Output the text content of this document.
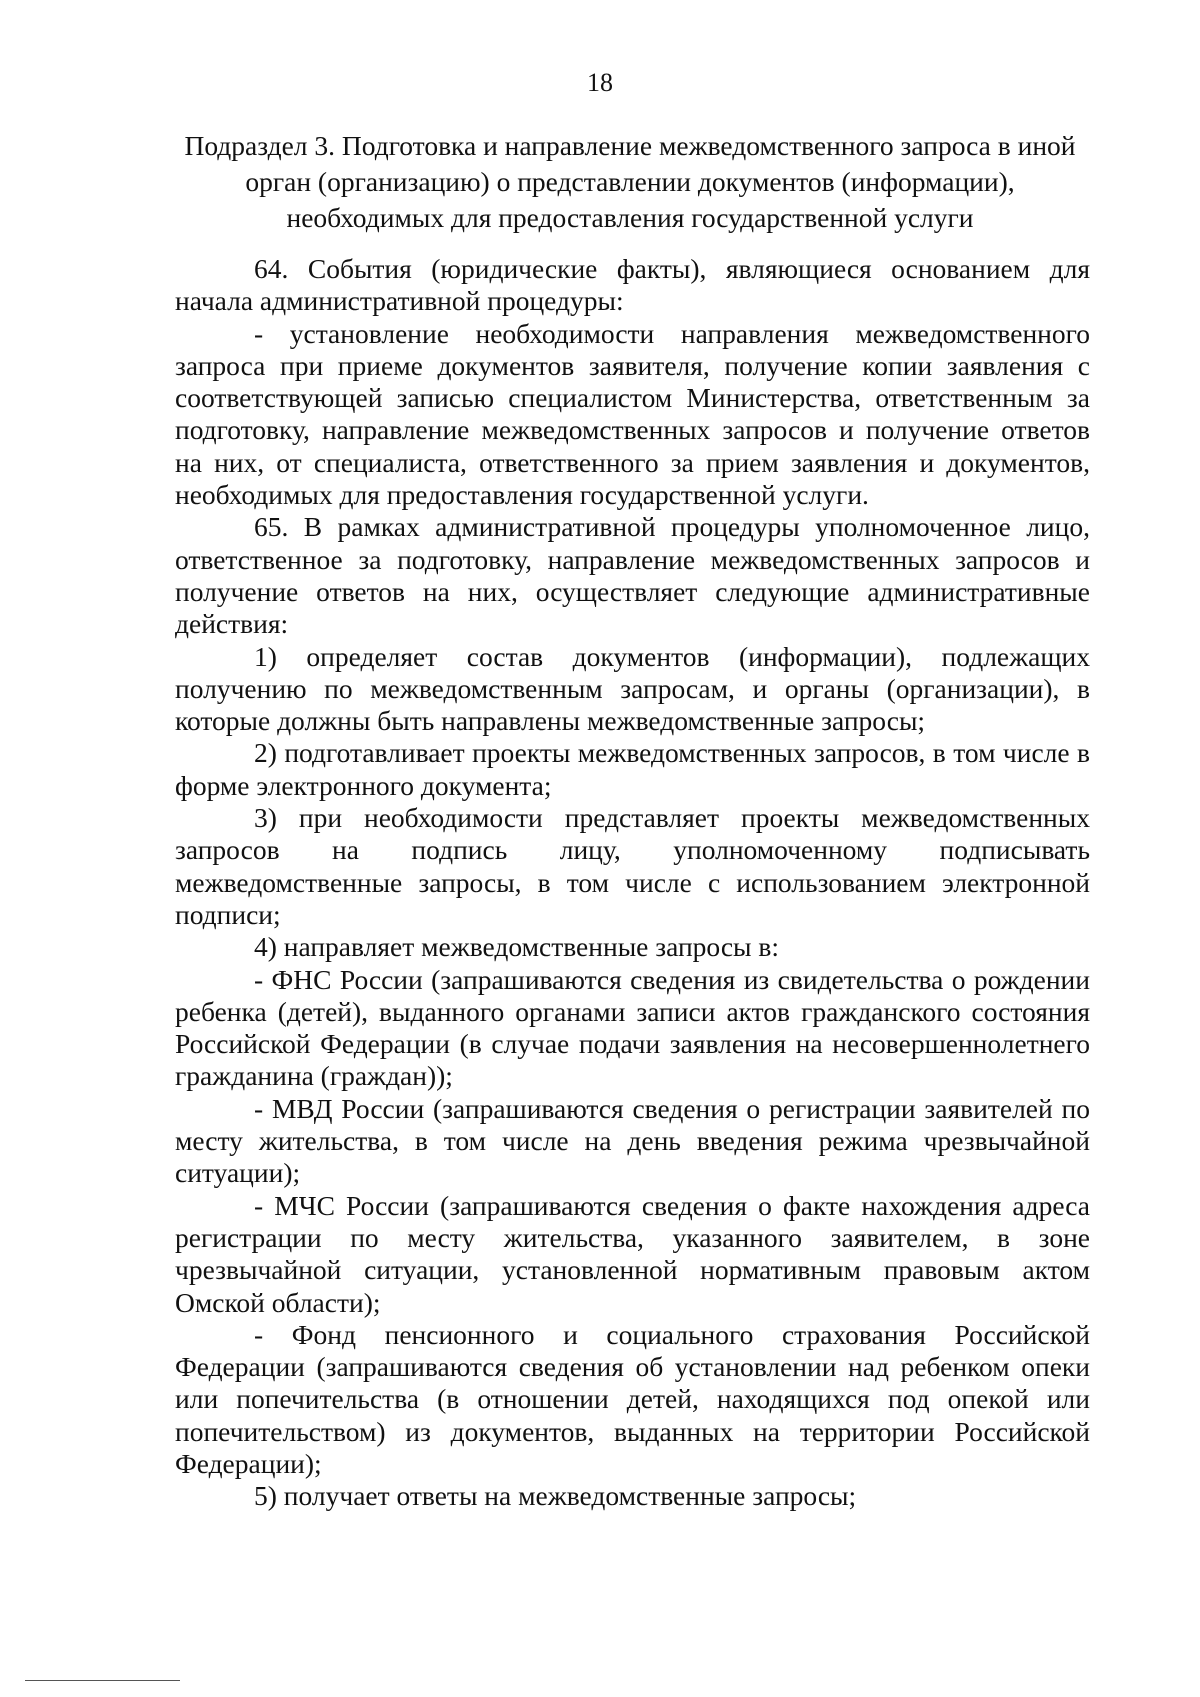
18
Подраздел 3. Подготовка и направление межведомственного запроса в иной орган (организацию) о представлении документов (информации), необходимых для предоставления государственной услуги

64. События (юридические факты), являющиеся основанием для начала административной процедуры:

- установление необходимости направления межведомственного запроса при приеме документов заявителя, получение копии заявления с соответствующей записью специалистом Министерства, ответственным за подготовку, направление межведомственных запросов и получение ответов на них, от специалиста, ответственного за прием заявления и документов, необходимых для предоставления государственной услуги.

65. В рамках административной процедуры уполномоченное лицо, ответственное за подготовку, направление межведомственных запросов и получение ответов на них, осуществляет следующие административные действия:

1) определяет состав документов (информации), подлежащих получению по межведомственным запросам, и органы (организации), в которые должны быть направлены межведомственные запросы;

2) подготавливает проекты межведомственных запросов, в том числе в форме электронного документа;

3) при необходимости представляет проекты межведомственных запросов на подпись лицу, уполномоченному подписывать межведомственные запросы, в том числе с использованием электронной подписи;

4) направляет межведомственные запросы в:

- ФНС России (запрашиваются сведения из свидетельства о рождении ребенка (детей), выданного органами записи актов гражданского состояния Российской Федерации (в случае подачи заявления на несовершеннолетнего гражданина (граждан));

- МВД России (запрашиваются сведения о регистрации заявителей по месту жительства, в том числе на день введения режима чрезвычайной ситуации);

- МЧС России (запрашиваются сведения о факте нахождения адреса регистрации по месту жительства, указанного заявителем, в зоне чрезвычайной ситуации, установленной нормативным правовым актом Омской области);

- Фонд пенсионного и социального страхования Российской Федерации (запрашиваются сведения об установлении над ребенком опеки или попечительства (в отношении детей, находящихся под опекой или попечительством) из документов, выданных на территории Российской Федерации);

5) получает ответы на межведомственные запросы;
